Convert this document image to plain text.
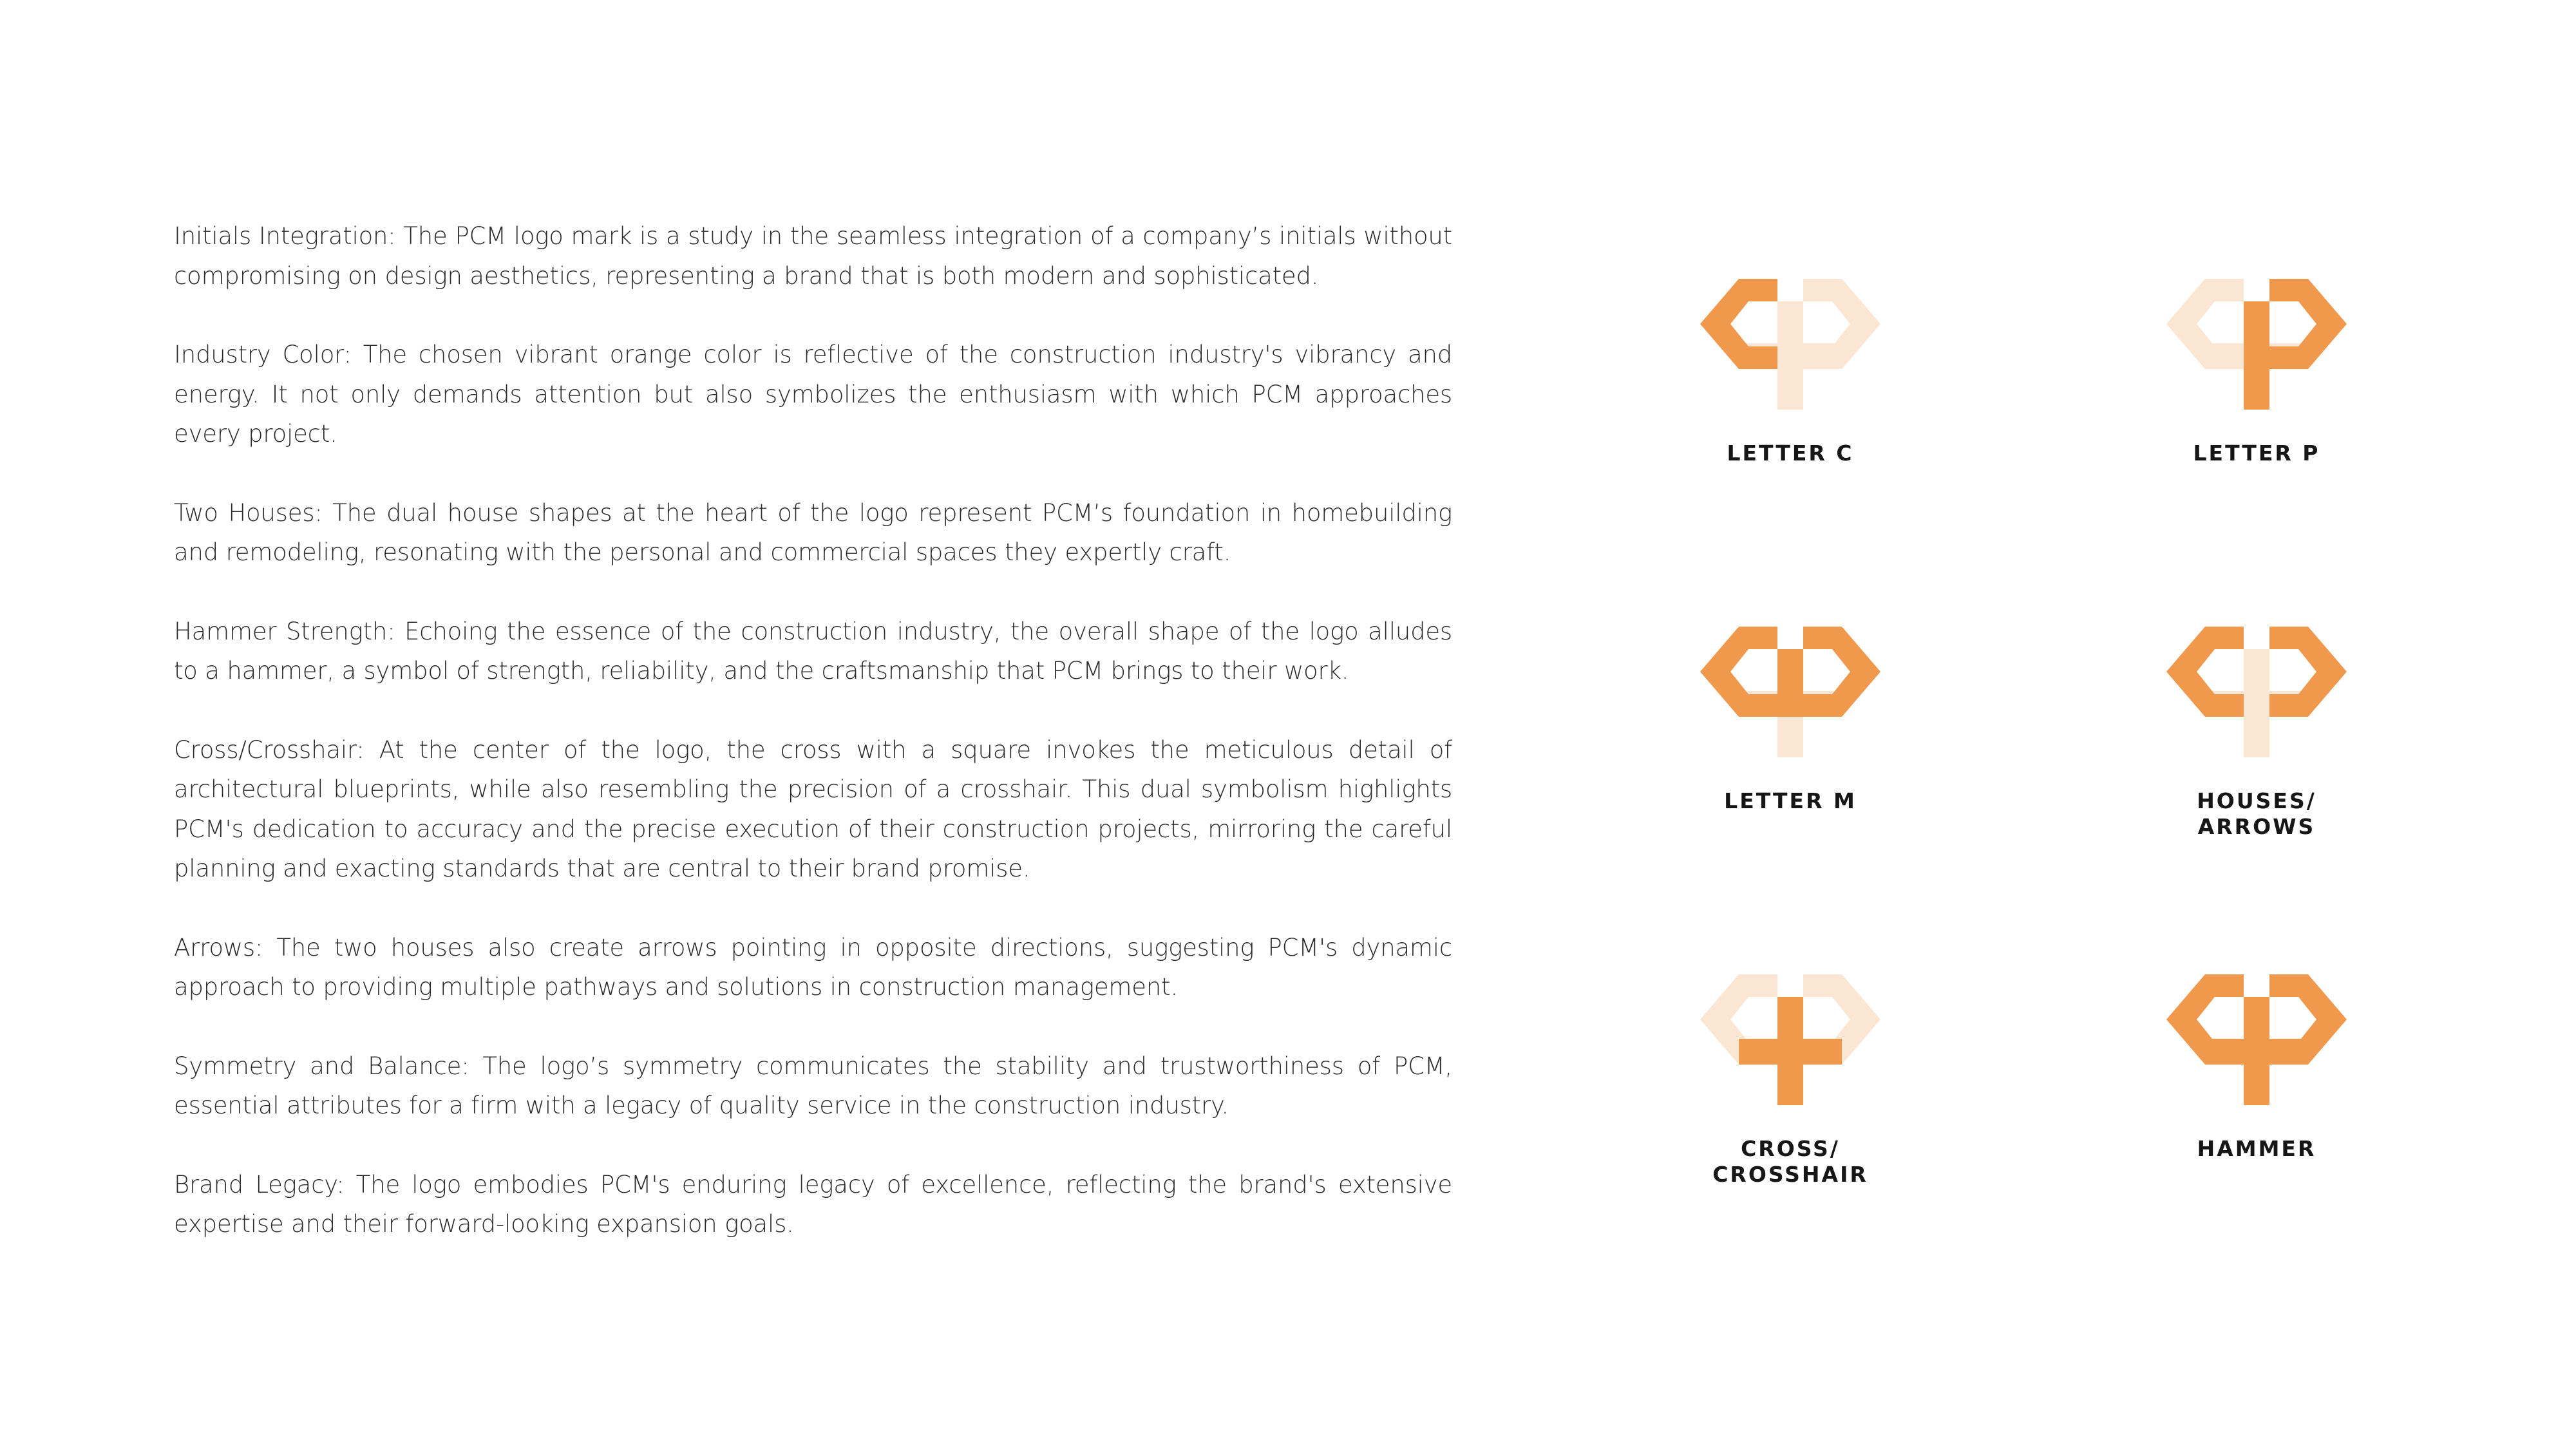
Initials Integration: The PCM logo mark is a study in the seamless integration of a company’s initials without compromising on design aesthetics, representing a brand that is both modern and sophisticated.

Industry Color: The chosen vibrant orange color is reflective of the construction industry's vibrancy and energy. It not only demands attention but also symbolizes the enthusiasm with which PCM approaches every project.

Two Houses: The dual house shapes at the heart of the logo represent PCM’s foundation in homebuilding and remodeling, resonating with the personal and commercial spaces they expertly craft.

Hammer Strength: Echoing the essence of the construction industry, the overall shape of the logo alludes to a hammer, a symbol of strength, reliability, and the craftsmanship that PCM brings to their work.

Cross/Crosshair: At the center of the logo, the cross with a square invokes the meticulous detail of architectural blueprints, while also resembling the precision of a crosshair. This dual symbolism highlights PCM's dedication to accuracy and the precise execution of their construction projects, mirroring the careful planning and exacting standards that are central to their brand promise.

Arrows: The two houses also create arrows pointing in opposite directions, suggesting PCM's dynamic approach to providing multiple pathways and solutions in construction management.

Symmetry and Balance: The logo’s symmetry communicates the stability and trustworthiness of PCM, essential attributes for a firm with a legacy of quality service in the construction industry.

Brand Legacy: The logo embodies PCM's enduring legacy of excellence, reflecting the brand's extensive expertise and their forward-looking expansion goals.

LETTER C	LETTER P
LETTER M	HOUSES/
ARROWS
CROSS/
CROSSHAIR
HAMMER
